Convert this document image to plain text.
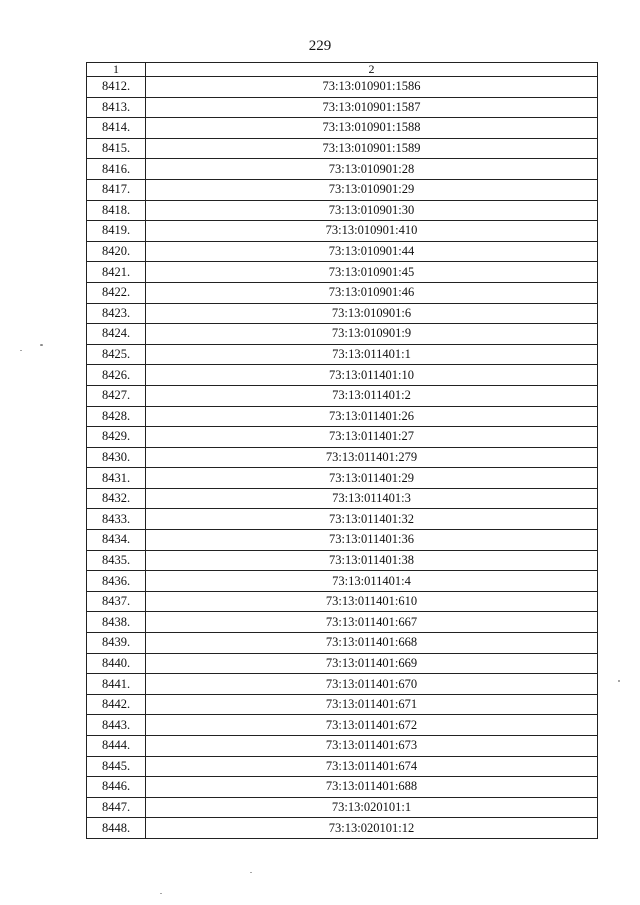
229
1	2
8412.	73:13:010901:1586
8413.	73:13:010901:1587
8414.	73:13:010901:1588
8415.	73:13:010901:1589
8416.	73:13:010901:28
8417.	73:13:010901:29
8418.	73:13:010901:30
8419.	73:13:010901:410
8420.	73:13:010901:44
8421.	73:13:010901:45
8422.	73:13:010901:46
8423.	73:13:010901:6
8424.	73:13:010901:9
8425.	73:13:011401:1
8426.	73:13:011401:10
8427.	73:13:011401:2
8428.	73:13:011401:26
8429.	73:13:011401:27
8430.	73:13:011401:279
8431.	73:13:011401:29
8432.	73:13:011401:3
8433.	73:13:011401:32
8434.	73:13:011401:36
8435.	73:13:011401:38
8436.	73:13:011401:4
8437.	73:13:011401:610
8438.	73:13:011401:667
8439.	73:13:011401:668
8440.	73:13:011401:669
8441.	73:13:011401:670
8442.	73:13:011401:671
8443.	73:13:011401:672
8444.	73:13:011401:673
8445.	73:13:011401:674
8446.	73:13:011401:688
8447.	73:13:020101:1
8448.	73:13:020101:12
